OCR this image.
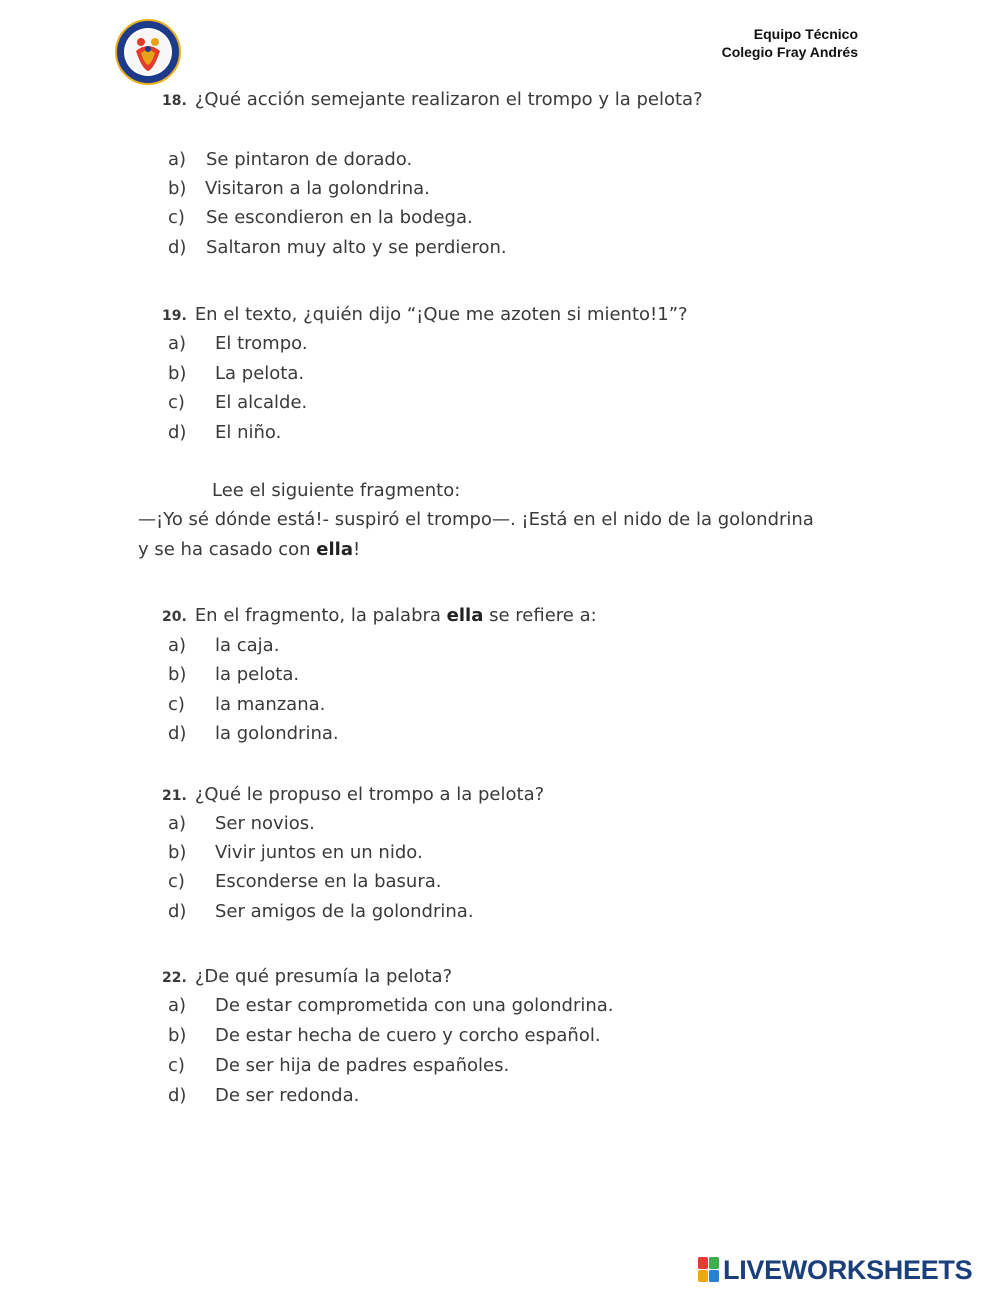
Equipo Técnico
Colegio Fray Andrés
18. ¿Qué acción semejante realizaron el trompo y la pelota?
a) Se pintaron de dorado.
b) Visitaron a la golondrina.
c) Se escondieron en la bodega.
d) Saltaron muy alto y se perdieron.
19. En el texto, ¿quién dijo “¡Que me azoten si miento!1”?
a) El trompo.
b) La pelota.
c) El alcalde.
d) El niño.
Lee el siguiente fragmento:
—¡Yo sé dónde está!- suspiró el trompo—. ¡Está en el nido de la golondrina
y se ha casado con ella!
20. En el fragmento, la palabra ella se refiere a:
a) la caja.
b) la pelota.
c) la manzana.
d) la golondrina.
21. ¿Qué le propuso el trompo a la pelota?
a) Ser novios.
b) Vivir juntos en un nido.
c) Esconderse en la basura.
d) Ser amigos de la golondrina.
22. ¿De qué presumía la pelota?
a) De estar comprometida con una golondrina.
b) De estar hecha de cuero y corcho español.
c) De ser hija de padres españoles.
d) De ser redonda.
LIVEWORKSHEETS
